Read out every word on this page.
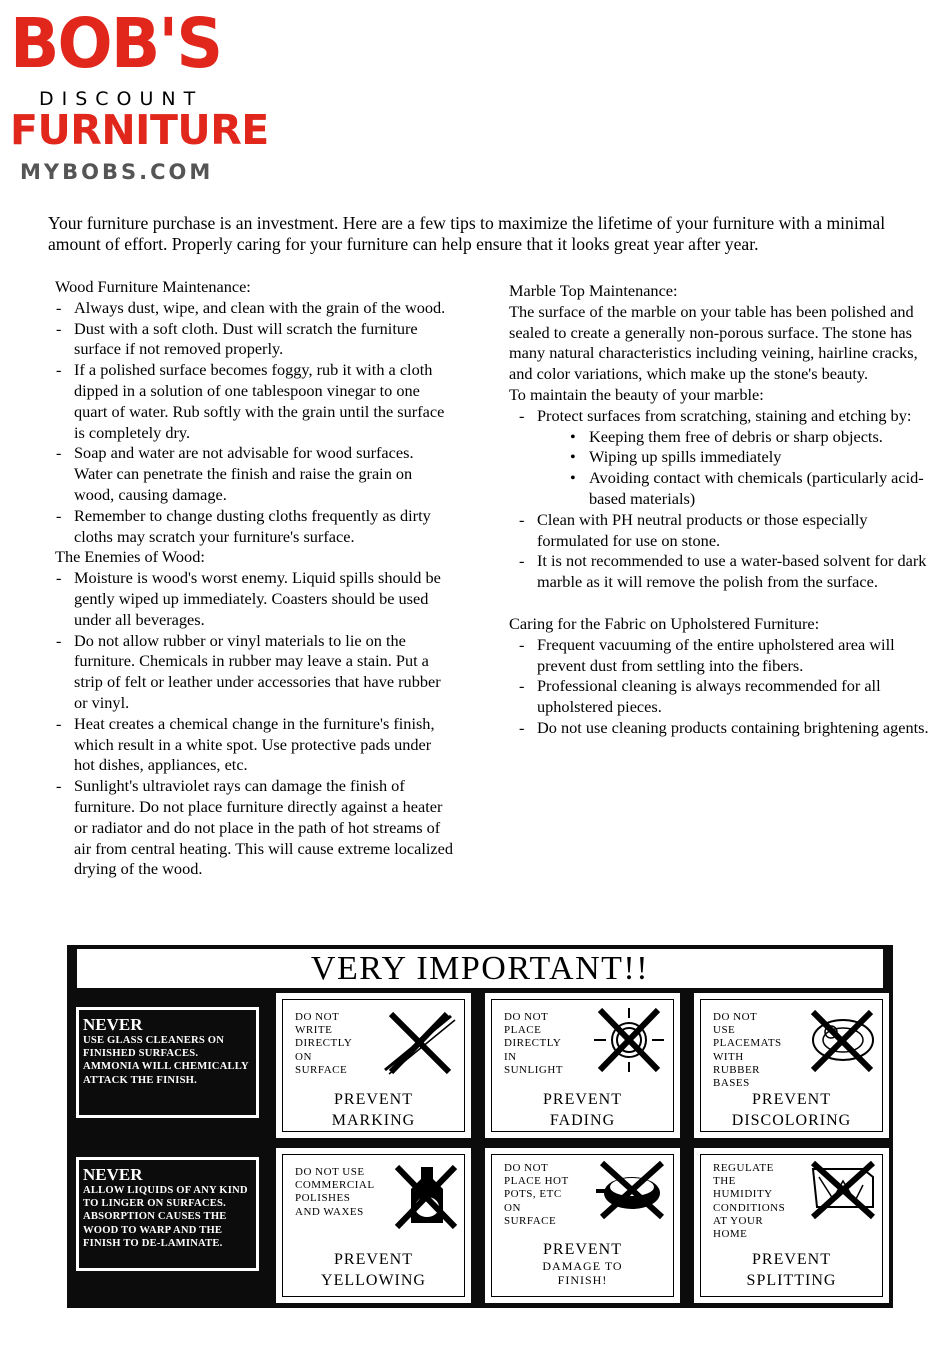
BOB'S
DISCOUNT
FURNITURE
MYBOBS.COM
Your furniture purchase is an investment. Here are a few tips to maximize the lifetime of your furniture with a minimal amount of effort. Properly caring for your furniture can help ensure that it looks great year after year.

Wood Furniture Maintenance:

- Always dust, wipe, and clean with the grain of the wood.
- Dust with a soft cloth. Dust will scratch the furniture surface if not removed properly.
- If a polished surface becomes foggy, rub it with a cloth dipped in a solution of one tablespoon vinegar to one quart of water. Rub softly with the grain until the surface is completely dry.
- Soap and water are not advisable for wood surfaces. Water can penetrate the finish and raise the grain on wood, causing damage.
- Remember to change dusting cloths frequently as dirty cloths may scratch your furniture's surface.

The Enemies of Wood:

- Moisture is wood's worst enemy. Liquid spills should be gently wiped up immediately. Coasters should be used under all beverages.
- Do not allow rubber or vinyl materials to lie on the furniture. Chemicals in rubber may leave a stain. Put a strip of felt or leather under accessories that have rubber or vinyl.
- Heat creates a chemical change in the furniture's finish, which result in a white spot. Use protective pads under hot dishes, appliances, etc.
- Sunlight's ultraviolet rays can damage the finish of furniture. Do not place furniture directly against a heater or radiator and do not place in the path of hot streams of air from central heating. This will cause extreme localized drying of the wood.

Marble Top Maintenance:

The surface of the marble on your table has been polished and sealed to create a generally non-porous surface. The stone has many natural characteristics including veining, hairline cracks, and color variations, which make up the stone's beauty.

To maintain the beauty of your marble:

- Protect surfaces from scratching, staining and etching by:
• Keeping them free of debris or sharp objects.
• Wiping up spills immediately
• Avoiding contact with chemicals (particularly acid-based materials)
- Clean with PH neutral products or those especially formulated for use on stone.
- It is not recommended to use a water-based solvent for dark marble as it will remove the polish from the surface.

Caring for the Fabric on Upholstered Furniture:

- Frequent vacuuming of the entire upholstered area will prevent dust from settling into the fibers.
- Professional cleaning is always recommended for all upholstered pieces.
- Do not use cleaning products containing brightening agents.
VERY IMPORTANT!!
NEVER
USE GLASS CLEANERS ON FINISHED SURFACES. AMMONIA WILL CHEMICALLY ATTACK THE FINISH.
NEVER
ALLOW LIQUIDS OF ANY KIND TO LINGER ON SURFACES. ABSORPTION CAUSES THE WOOD TO WARP AND THE FINISH TO DE-LAMINATE.
DO NOT
WRITE
DIRECTLY
ON
SURFACE
PREVENT
MARKING
DO NOT
PLACE
DIRECTLY
IN
SUNLIGHT
PREVENT
FADING
DO NOT
USE
PLACEMATS
WITH
RUBBER
BASES
PREVENT
DISCOLORING
DO NOT USE
COMMERCIAL
POLISHES
AND WAXES
PREVENT
YELLOWING
DO NOT
PLACE HOT
POTS, ETC
ON
SURFACE
PREVENT
DAMAGE TO
FINISH!
REGULATE
THE
HUMIDITY
CONDITIONS
AT YOUR
HOME
PREVENT
SPLITTING
